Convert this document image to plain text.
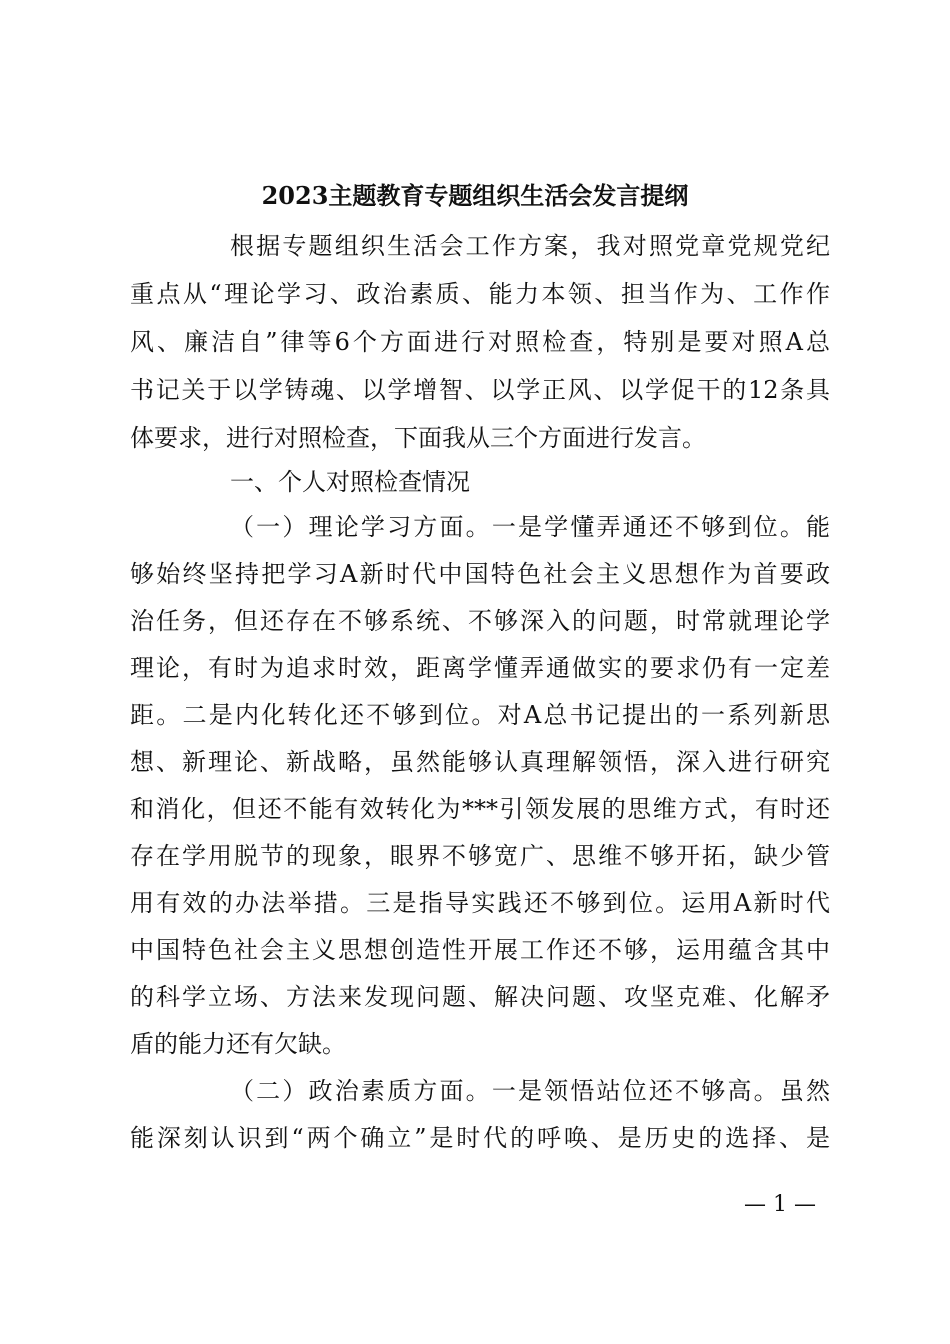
2023主题教育专题组织生活会发言提纲
根据专题组织生活会工作方案，我对照党章党规党纪
重点从“理论学习、政治素质、能力本领、担当作为、工作作
风、廉洁自”律等6个方面进行对照检查，特别是要对照A总
书记关于以学铸魂、以学增智、以学正风、以学促干的12条具
体要求，进行对照检查，下面我从三个方面进行发言。
一、个人对照检查情况
（一）理论学习方面。一是学懂弄通还不够到位。能
够始终坚持把学习A新时代中国特色社会主义思想作为首要政
治任务，但还存在不够系统、不够深入的问题，时常就理论学
理论，有时为追求时效，距离学懂弄通做实的要求仍有一定差
距。二是内化转化还不够到位。对A总书记提出的一系列新思
想、新理论、新战略，虽然能够认真理解领悟，深入进行研究
和消化，但还不能有效转化为***引领发展的思维方式，有时还
存在学用脱节的现象，眼界不够宽广、思维不够开拓，缺少管
用有效的办法举措。三是指导实践还不够到位。运用A新时代
中国特色社会主义思想创造性开展工作还不够，运用蕴含其中
的科学立场、方法来发现问题、解决问题、攻坚克难、化解矛
盾的能力还有欠缺。
（二）政治素质方面。一是领悟站位还不够高。虽然
能深刻认识到“两个确立”是时代的呼唤、是历史的选择、是
— 1 —
